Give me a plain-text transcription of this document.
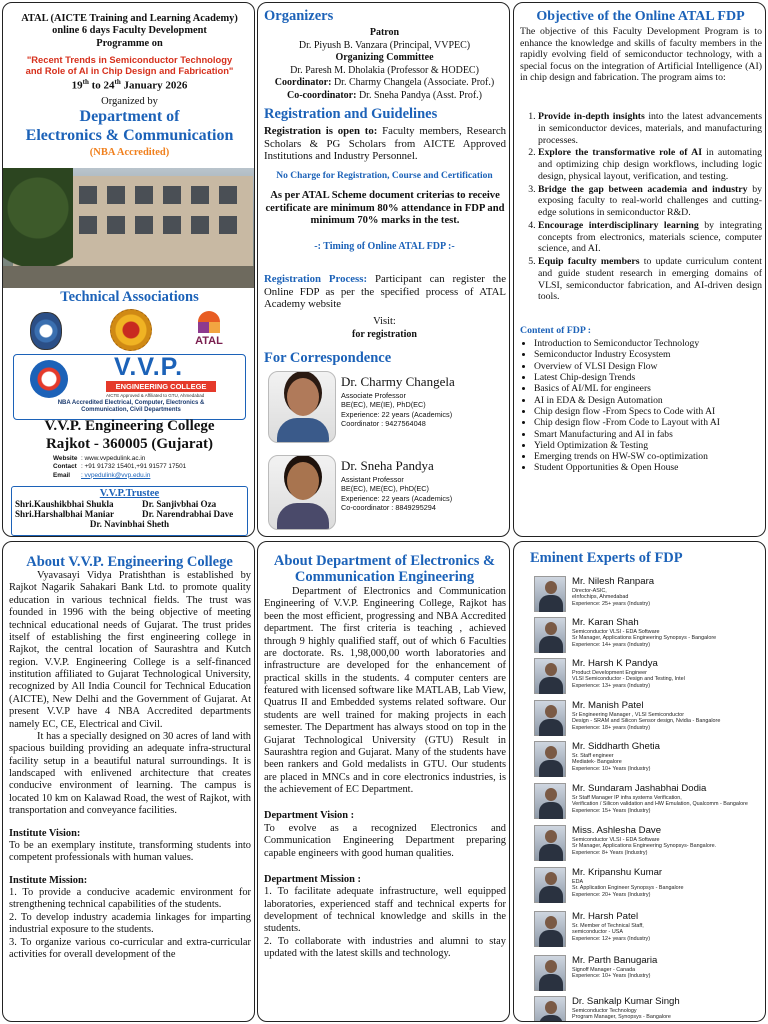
ATAL (AICTE Training and Learning Academy)
online 6 days Faculty Development
Programme on
"Recent Trends in Semiconductor Technology
and Role of AI in Chip Design and Fabrication"
19th to 24th January 2026
Organized by
Department of
Electronics & Communication
(NBA Accredited)
Technical Associations
ATAL
V.V.P.
ENGINEERING COLLEGE
AICTE Approved & Affiliated to GTU, Ahmedabad
NBA Accredited Electrical, Computer, Electronics & Communication, Civil Departments
V.V.P. Engineering College
Rajkot - 360005 (Gujarat)
Website : www.vvpedulink.ac.in
Contact : +91 91732 15401,+91 91577 17501
Email : vvpedulink@vvp.edu.in
V.V.P.Trustee
Shri.Kaushikbhai Shukla	Dr. Sanjivbhai Oza
Shri.Harshalbhai Maniar	Dr. Narendrabhai Dave
Dr. Navinbhai Sheth
Organizers
Patron
Dr. Piyush B. Vanzara (Principal, VVPEC)
Organizing Committee
Dr. Paresh M. Dholakia (Professor & HODEC)
Coordinator: Dr. Charmy Changela (Associate. Prof.)
Co-coordinator: Dr. Sneha Pandya (Asst. Prof.)
Registration and Guidelines
Registration is open to: Faculty members, Research Scholars & PG Scholars from AICTE Approved Institutions and Industry Personnel.
No Charge for Registration, Course and Certification
As per ATAL Scheme document criterias to receive certificate are minimum 80% attendance in FDP and minimum 70% marks in the test.
-: Timing of Online ATAL FDP :-
Registration Process: Participant can register the Online FDP as per the specified process of ATAL Academy website
Visit:
for registration
For Correspondence
Dr. Charmy Changela
Associate Professor
BE(EC), ME(IE), PhD(EC)
Experience: 22 years (Academics)
Coordinator : 9427564048
Dr. Sneha Pandya
Assistant Professor
BE(EC), ME(EC), PhD(EC)
Experience: 22 years (Academics)
Co-coordinator : 8849295294
Objective of the Online ATAL FDP
The objective of this Faculty Development Program is to enhance the knowledge and skills of faculty members in the rapidly evolving field of semiconductor technology, with a special focus on the integration of Artificial Intelligence (AI) in chip design and fabrication. The program aims to:
1. Provide in-depth insights into the latest advancements in semiconductor devices, materials, and manufacturing processes.
2. Explore the transformative role of AI in automating and optimizing chip design workflows, including logic design, physical layout, verification, and testing.
3. Bridge the gap between academia and industry by exposing faculty to real-world challenges and cutting-edge solutions in semiconductor R&D.
4. Encourage interdisciplinary learning by integrating concepts from electronics, materials science, computer science, and AI.
5. Equip faculty members to update curriculum content and guide student research in emerging domains of VLSI, semiconductor fabrication, and AI-driven design tools.
Content of FDP :
• Introduction to Semiconductor Technology
• Semiconductor Industry Ecosystem
• Overview of VLSI Design Flow
• Latest Chip-design Trends
• Basics of AI/ML for engineers
• AI in EDA & Design Automation
• Chip design flow -From Specs to Code with AI
• Chip design flow -From Code to Layout with AI
• Smart Manufacturing and AI in fabs
• Yield Optimization & Testing
• Emerging trends on HW-SW co-optimization
• Student Opportunities & Open House
About V.V.P. Engineering College

Vyavasayi Vidya Pratishthan is established by Rajkot Nagarik Sahakari Bank Ltd. to promote quality education in various technical fields. The trust was founded in 1996 with the being objective of meeting technical educational needs of Gujarat. The trust prides itself of establishing the first engineering college in Rajkot, the central location of Saurashtra and Kutch region. V.V.P. Engineering College is a self-financed institution affiliated to Gujarat Technological University, recognized by All India Council for Technical Education (AICTE), New Delhi and the Government of Gujarat. At present V.V.P have 4 NBA Accredited departments namely EC, CE, Electrical and Civil.

It has a specially designed on 30 acres of land with spacious building providing an adequate infra-structural facility setup in a beautiful natural surroundings. It is landscaped with enlivened architecture that creates conducive environment of learning. The campus is located 10 km on Kalawad Road, the west of Rajkot, with transportation and conveyance facilities.

Institute Vision:

To be an exemplary institute, transforming students into competent professionals with human values.

Institute Mission:

1. To provide a conducive academic environment for strengthening technical capabilities of the students.

2. To develop industry academia linkages for imparting industrial exposure to the students.

3. To organize various co-curricular and extra-curricular activities for overall development of the

About Department of Electronics &
Communication Engineering

Department of Electronics and Communication Engineering of V.V.P. Engineering College, Rajkot has been the most efficient, progressing and NBA Accredited department. The first criteria is teaching , achieved through 9 highly qualified staff, out of which 6 Faculties are doctorate. Rs. 1,98,000,00 worth laboratories and infrastructure are developed for the enhancement of practical skills in the students. 4 computer centers are featured with licensed software like MATLAB, Lab View, Quatrus II and Embedded systems related software. Our students are well trained for making projects in each semester. The Department has always stood on top in the Gujarat Technological University (GTU) Result in Saurashtra region and Gujarat. Many of the students have been rankers and Gold medalists in GTU. Our students are placed in MNCs and in core electronics industries, is the achievement of EC Department.

Department Vision :

To evolve as a recognized Electronics and Communication Engineering Department preparing capable engineers with good human qualities.

Department Mission :

1. To facilitate adequate infrastructure, well equipped laboratories, experienced staff and technical experts for development of technical knowledge and skills in the students.

2. To collaborate with industries and alumni to stay updated with the latest skills and technology.

Eminent Experts of FDP
Mr. Nilesh Ranpara
Director-ASIC,
eInfochips, Ahmedabad
Experience: 25+ years (Industry)
Mr. Karan Shah
Semiconductor VLSI - EDA Software
Sr Manager, Applications Engineering Synopsys - Bangalore
Experience: 14+ years (Industry)
Mr. Harsh K Pandya
Product Development Engineer
VLSI Semiconductor - Design and Testing, Intel
Experience: 13+ years (Industry)
Mr. Manish Patel
Sr Engineering Manager , VLSI Semiconductor
Design - SRAM and Silicon Sensor design, Nvidia - Bangalore
Experience: 18+ years (Industry)
Mr. Siddharth Ghetia
Sr. Staff engineer
Mediatek- Bangalore
Experience: 10+ Years (Industry)
Mr. Sundaram Jashabhai Dodia
Sr Staff Manager IP infra systems Verification,
Verification / Silicon validation and HW Emulation, Qualcomm - Bangalore
Experience: 15+ Years (Industry)
Miss. Ashlesha Dave
Semiconductor VLSI - EDA Software
Sr Manager, Applications Engineering Synopsys- Bangalore.
Experience: 8+ Years (Industry)
Mr. Kripanshu Kumar
EDA
Sr. Application Engineer Synopsys - Bangalore
Experience: 20+ Years (Industry)
Mr. Harsh Patel
Sr. Member of Technical Staff,
semiconductor - USA
Experience: 12+ years (Industry)
Mr. Parth Banugaria
Signoff Manager - Canada
Experience: 10+ Years (Industry)
Dr. Sankalp Kumar Singh
Semiconductor Technology
Program Manager, Synopsys - Bangalore
